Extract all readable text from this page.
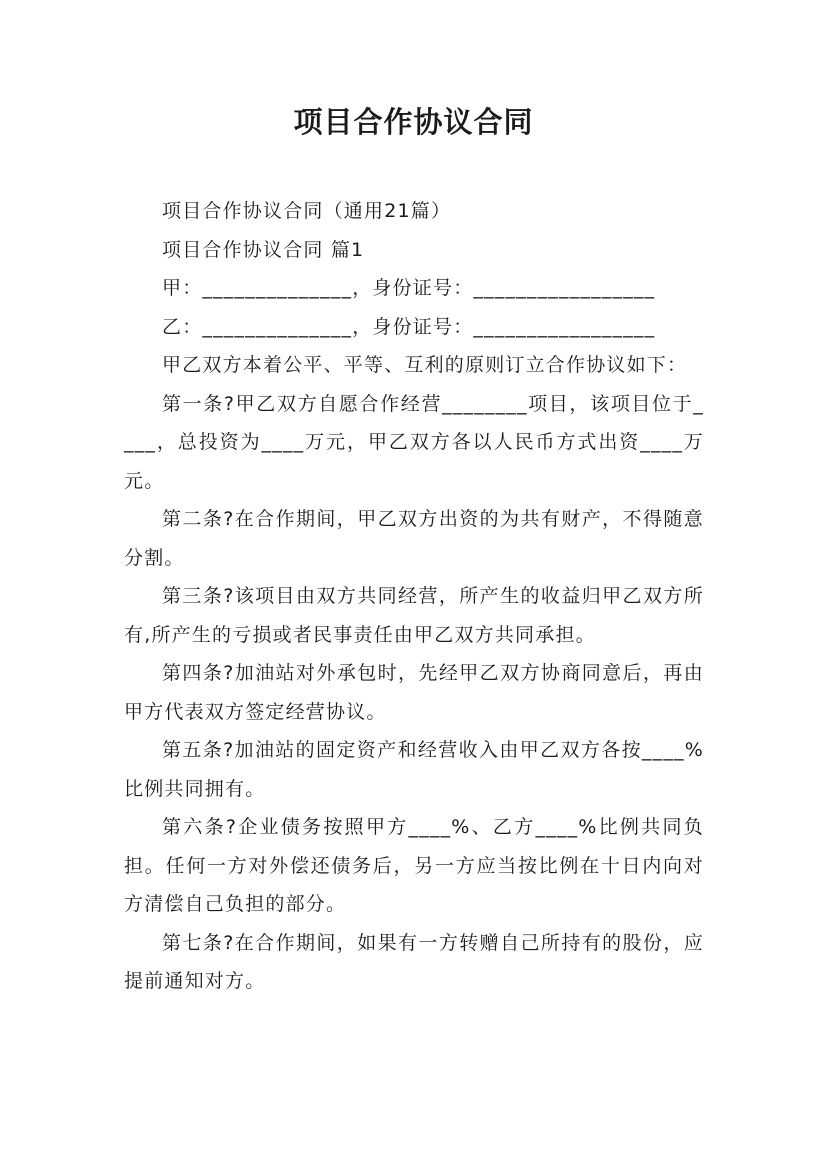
项目合作协议合同

项目合作协议合同（通用21篇）

项目合作协议合同 篇1

甲：______________，身份证号：_________________

乙：______________，身份证号：_________________

甲乙双方本着公平、平等、互利的原则订立合作协议如下：

第一条?甲乙双方自愿合作经营________项目，该项目位于____，总投资为____万元，甲乙双方各以人民币方式出资____万元。

第二条?在合作期间，甲乙双方出资的为共有财产，不得随意分割。

第三条?该项目由双方共同经营，所产生的收益归甲乙双方所有,所产生的亏损或者民事责任由甲乙双方共同承担。

第四条?加油站对外承包时，先经甲乙双方协商同意后，再由甲方代表双方签定经营协议。

第五条?加油站的固定资产和经营收入由甲乙双方各按____%比例共同拥有。

第六条?企业债务按照甲方____%、乙方____%比例共同负担。任何一方对外偿还债务后，另一方应当按比例在十日内向对方清偿自己负担的部分。

第七条?在合作期间，如果有一方转赠自己所持有的股份，应提前通知对方。
